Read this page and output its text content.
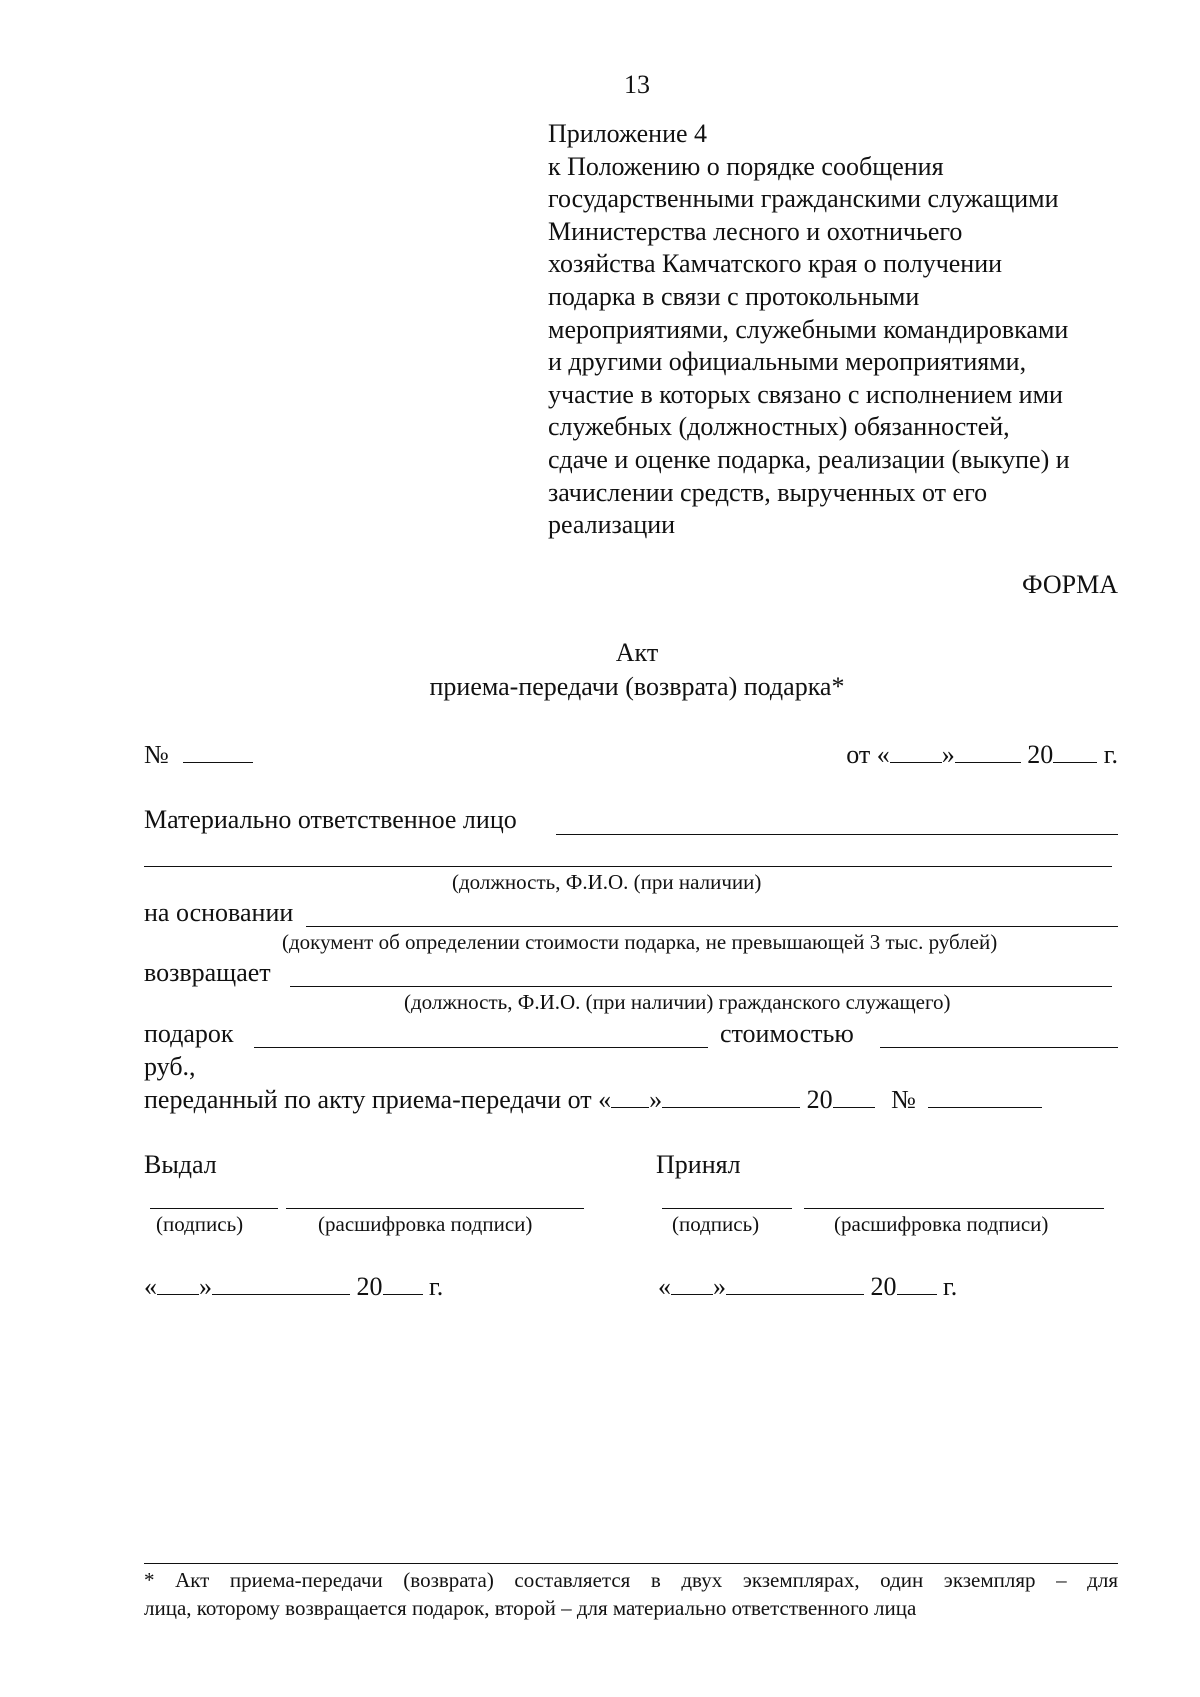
13
Приложение 4
к Положению о порядке сообщения
государственными гражданскими служащими
Министерства лесного и охотничьего
хозяйства Камчатского края о получении
подарка в связи с протокольными
мероприятиями, служебными командировками
и другими официальными мероприятиями,
участие в которых связано с исполнением ими
служебных (должностных) обязанностей,
сдаче и оценке подарка, реализации (выкупе) и
зачислении средств, вырученных от его
реализации
ФОРМА
Акт
приема-передачи (возврата) подарка*
№	от « »	20 г.
Материально ответственное лицо
(должность, Ф.И.О. (при наличии)
на основании
(документ об определении стоимости подарка, не превышающей 3 тыс. рублей)
возвращает
(должность, Ф.И.О. (при наличии) гражданского служащего)
подарок	стоимостью
руб.,
переданный по акту приема-передачи от « »	20 №
Выдал
(подпись)	(расшифровка подписи)
« »	20 г.
Принял
(подпись)	(расшифровка подписи)
« »	20 г.
* Акт приема-передачи (возврата) составляется в двух экземплярах, один экземпляр – для
лица, которому возвращается подарок, второй – для материально ответственного лица
